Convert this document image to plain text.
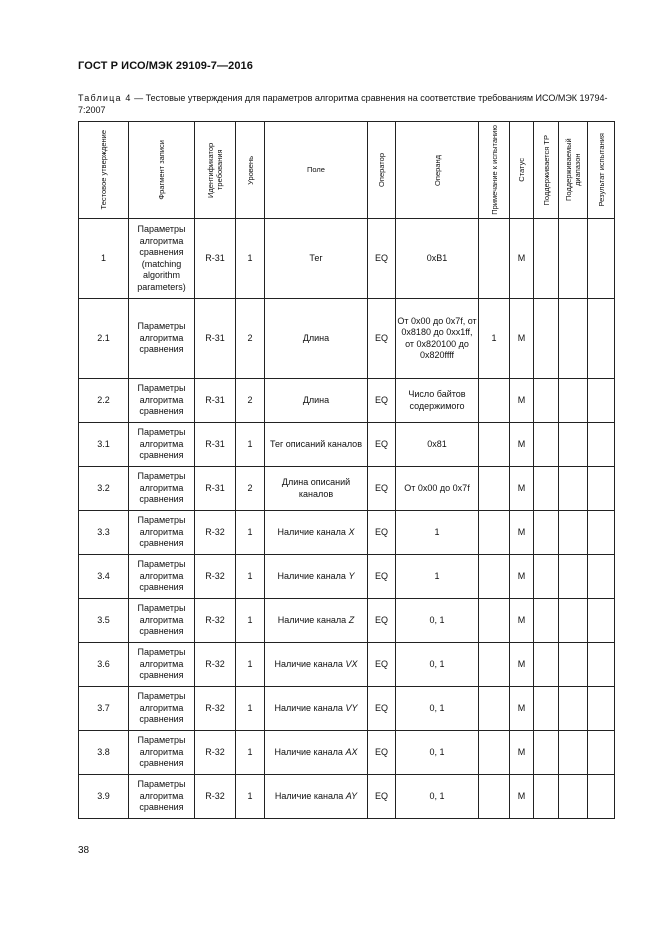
ГОСТ Р ИСО/МЭК 29109-7—2016
Таблица 4 — Тестовые утверждения для параметров алгоритма сравнения на соответствие требованиям ИСО/МЭК 19794-7:2007
Тестовое утверждение	Фрагмент записи	Идентификатор требования	Уровень	Поле	Оператор	Операнд	Примечание к испытанию	Статус	Поддерживается ТР	Поддерживаемый диапазон	Результат испытания

1	Параметры алгоритма сравнения (matching algorithm parameters)	R-31	1	Тег	EQ	0xB1		M			
2.1	Параметры алгоритма сравнения	R-31	2	Длина	EQ	От 0x00 до 0x7f, от 0x8180 до 0xx1ff, от 0x820100 до 0x820ffff	1	M			
2.2	Параметры алгоритма сравнения	R-31	2	Длина	EQ	Число байтов содержимого		M			
3.1	Параметры алгоритма сравнения	R-31	1	Тег описаний каналов	EQ	0x81		M			
3.2	Параметры алгоритма сравнения	R-31	2	Длина описаний каналов	EQ	От 0x00 до 0x7f		M			
3.3	Параметры алгоритма сравнения	R-32	1	Наличие канала X	EQ	1		M			
3.4	Параметры алгоритма сравнения	R-32	1	Наличие канала Y	EQ	1		M			
3.5	Параметры алгоритма сравнения	R-32	1	Наличие канала Z	EQ	0, 1		M			
3.6	Параметры алгоритма сравнения	R-32	1	Наличие канала VX	EQ	0, 1		M			
3.7	Параметры алгоритма сравнения	R-32	1	Наличие канала VY	EQ	0, 1		M			
3.8	Параметры алгоритма сравнения	R-32	1	Наличие канала AX	EQ	0, 1		M			
3.9	Параметры алгоритма сравнения	R-32	1	Наличие канала AY	EQ	0, 1		M			
38
